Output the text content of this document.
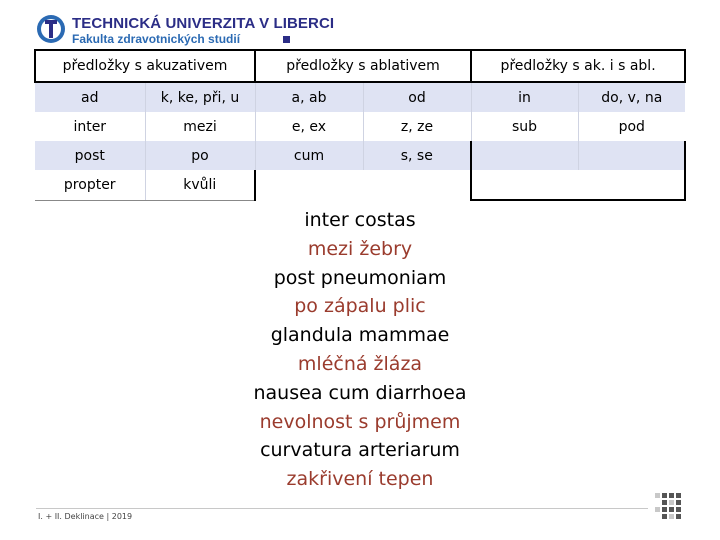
TECHNICKÁ UNIVERZITA V LIBERCI
Fakulta zdravotnických studií
předložky s akuzativem		předložky s ablativem		předložky s ak. i s abl.	
ad	k, ke, při, u	a, ab	od	in	do, v, na
inter	mezi	e, ex	z, ze	sub	pod
post	po	cum	s, se		
propter	kvůli				
inter costas
mezi žebry
post pneumoniam
po zápalu plic
glandula mammae
mléčná žláza
nausea cum diarrhoea
nevolnost s průjmem
curvatura arteriarum
zakřivení tepen
I. + II. Deklinace | 2019
